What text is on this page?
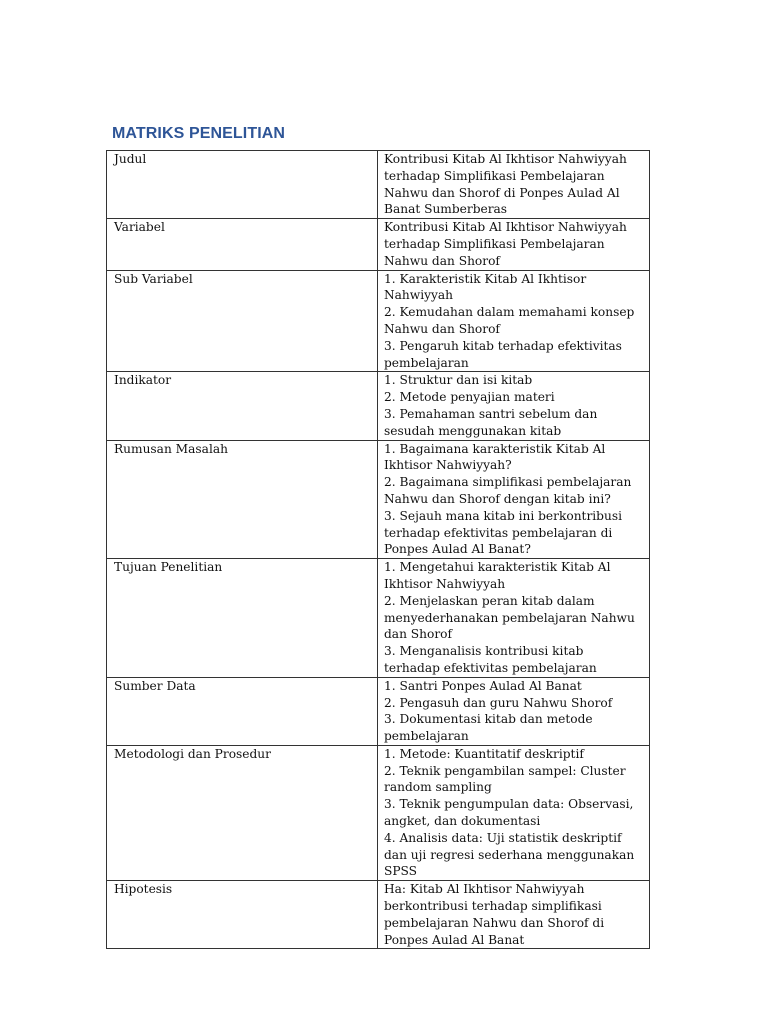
MATRIKS PENELITIAN
Judul	Kontribusi Kitab Al Ikhtisor Nahwiyyah terhadap Simplifikasi Pembelajaran Nahwu dan Shorof di Ponpes Aulad Al Banat Sumberberas

Variabel	Kontribusi Kitab Al Ikhtisor Nahwiyyah terhadap Simplifikasi Pembelajaran Nahwu dan Shorof

Sub Variabel	1. Karakteristik Kitab Al Ikhtisor Nahwiyyah
2. Kemudahan dalam memahami konsep Nahwu dan Shorof
3. Pengaruh kitab terhadap efektivitas pembelajaran

Indikator	1. Struktur dan isi kitab
2. Metode penyajian materi
3. Pemahaman santri sebelum dan sesudah menggunakan kitab

Rumusan Masalah	1. Bagaimana karakteristik Kitab Al Ikhtisor Nahwiyyah?
2. Bagaimana simplifikasi pembelajaran Nahwu dan Shorof dengan kitab ini?
3. Sejauh mana kitab ini berkontribusi terhadap efektivitas pembelajaran di Ponpes Aulad Al Banat?

Tujuan Penelitian	1. Mengetahui karakteristik Kitab Al Ikhtisor Nahwiyyah
2. Menjelaskan peran kitab dalam menyederhanakan pembelajaran Nahwu dan Shorof
3. Menganalisis kontribusi kitab terhadap efektivitas pembelajaran

Sumber Data	1. Santri Ponpes Aulad Al Banat
2. Pengasuh dan guru Nahwu Shorof
3. Dokumentasi kitab dan metode pembelajaran

Metodologi dan Prosedur	1. Metode: Kuantitatif deskriptif
2. Teknik pengambilan sampel: Cluster random sampling
3. Teknik pengumpulan data: Observasi, angket, dan dokumentasi
4. Analisis data: Uji statistik deskriptif dan uji regresi sederhana menggunakan SPSS

Hipotesis	Ha: Kitab Al Ikhtisor Nahwiyyah berkontribusi terhadap simplifikasi pembelajaran Nahwu dan Shorof di Ponpes Aulad Al Banat
